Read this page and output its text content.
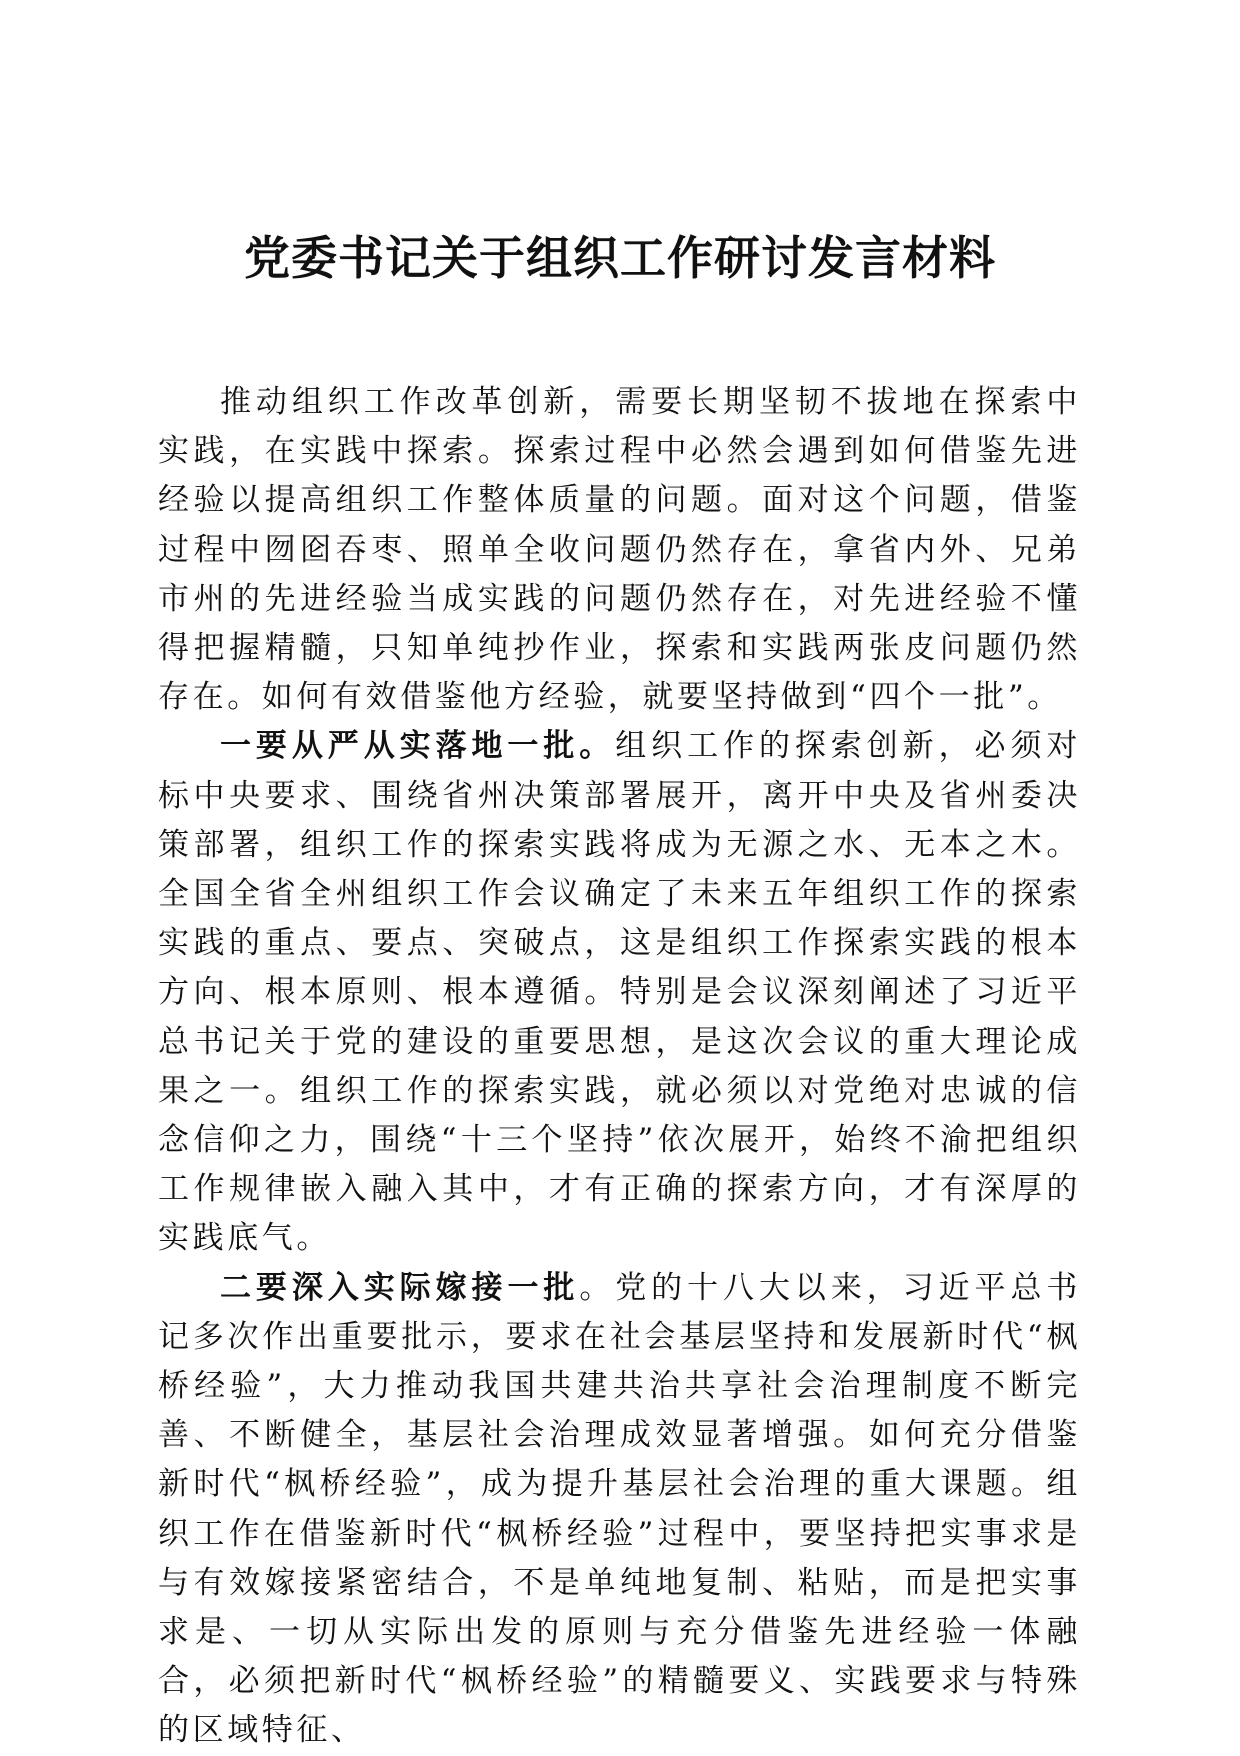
党委书记关于组织工作研讨发言材料

推动组织工作改革创新，需要长期坚韧不拔地在探索中实践，在实践中探索。探索过程中必然会遇到如何借鉴先进经验以提高组织工作整体质量的问题。面对这个问题，借鉴过程中囫囵吞枣、照单全收问题仍然存在，拿省内外、兄弟市州的先进经验当成实践的问题仍然存在，对先进经验不懂得把握精髓，只知单纯抄作业，探索和实践两张皮问题仍然存在。如何有效借鉴他方经验，就要坚持做到“四个一批”。

一要从严从实落地一批。组织工作的探索创新，必须对标中央要求、围绕省州决策部署展开，离开中央及省州委决策部署，组织工作的探索实践将成为无源之水、无本之木。全国全省全州组织工作会议确定了未来五年组织工作的探索实践的重点、要点、突破点，这是组织工作探索实践的根本方向、根本原则、根本遵循。特别是会议深刻阐述了习近平总书记关于党的建设的重要思想，是这次会议的重大理论成果之一。组织工作的探索实践，就必须以对党绝对忠诚的信念信仰之力，围绕“十三个坚持”依次展开，始终不渝把组织工作规律嵌入融入其中，才有正确的探索方向，才有深厚的实践底气。

二要深入实际嫁接一批。党的十八大以来，习近平总书记多次作出重要批示，要求在社会基层坚持和发展新时代“枫桥经验”，大力推动我国共建共治共享社会治理制度不断完善、不断健全，基层社会治理成效显著增强。如何充分借鉴新时代“枫桥经验”，成为提升基层社会治理的重大课题。组织工作在借鉴新时代“枫桥经验”过程中，要坚持把实事求是与有效嫁接紧密结合，不是单纯地复制、粘贴，而是把实事求是、一切从实际出发的原则与充分借鉴先进经验一体融合，必须把新时代“枫桥经验”的精髓要义、实践要求与特殊的区域特征、
